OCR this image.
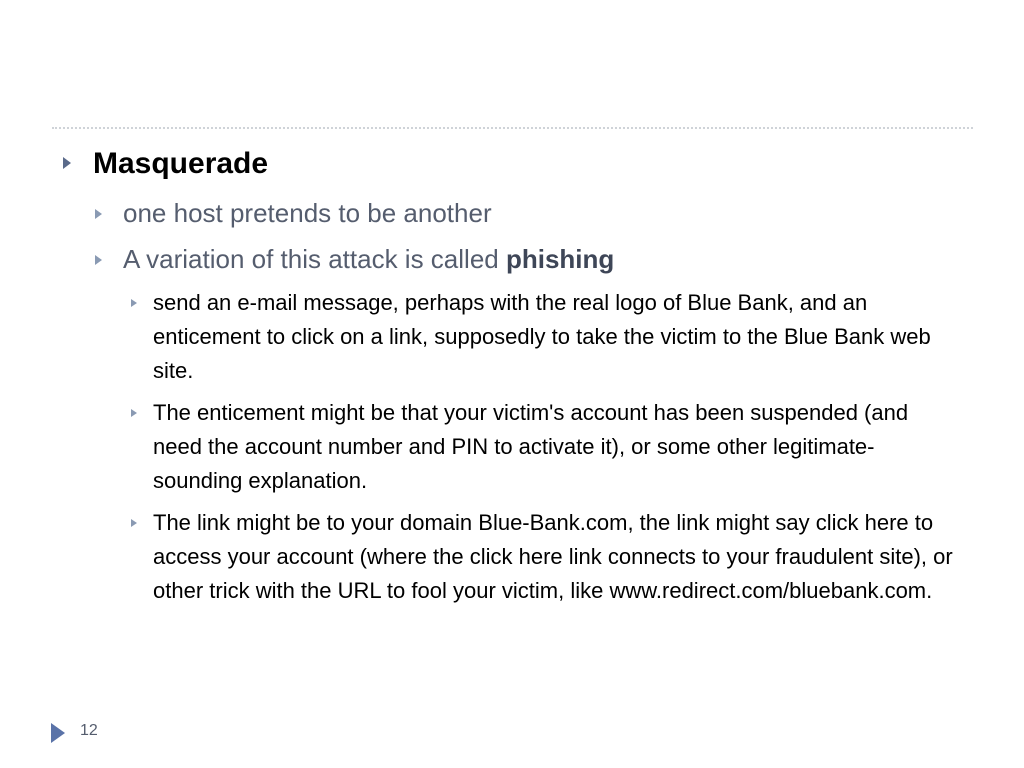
Masquerade
one host pretends to be another
A variation of this attack is called phishing
send an e-mail message, perhaps with the real logo of Blue Bank, and an enticement to click on a link, supposedly to take the victim to the Blue Bank web site.
The enticement might be that your victim's account has been suspended (and need the account number and PIN to activate it), or some other legitimate-sounding explanation.
The link might be to your domain Blue-Bank.com, the link might say click here to access your account (where the click here link connects to your fraudulent site), or other trick with the URL to fool your victim, like www.redirect.com/bluebank.com.
12
